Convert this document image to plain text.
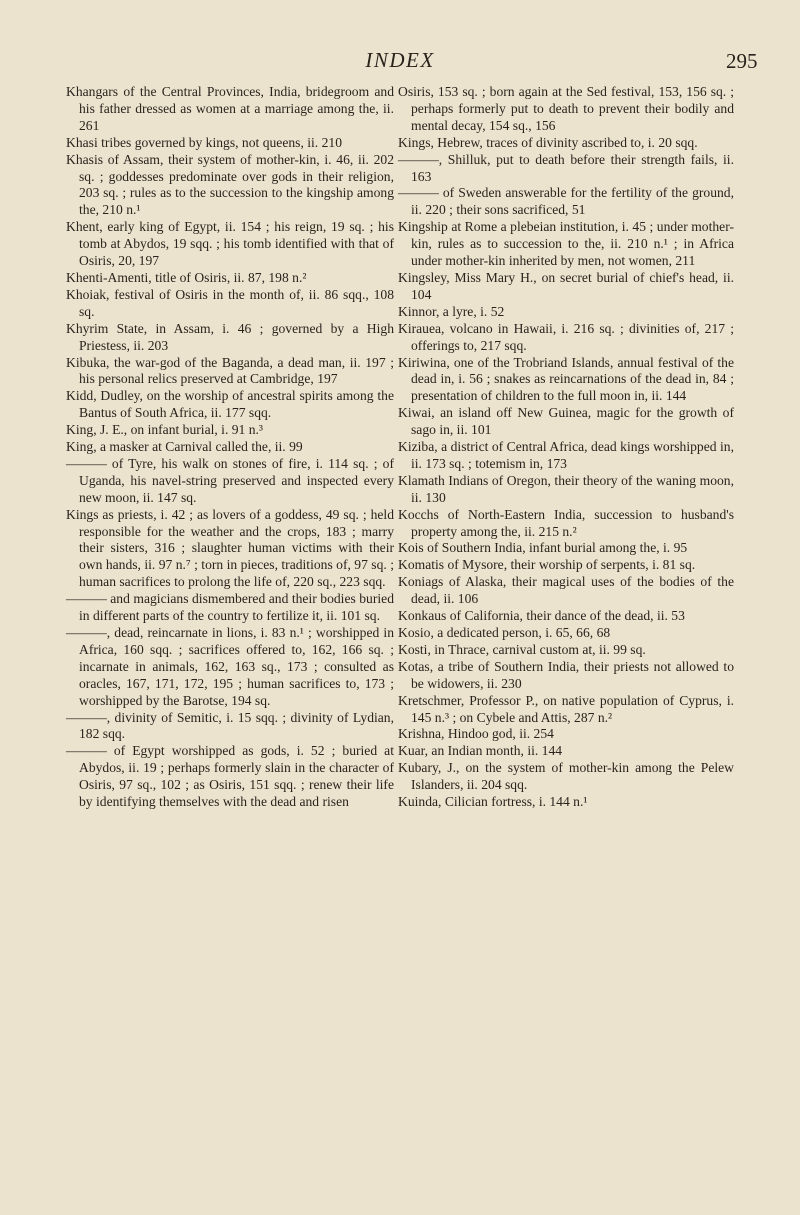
INDEX	295

Khangars of the Central Provinces, India, bridegroom and his father dressed as women at a marriage among the, ii. 261

Khasi tribes governed by kings, not queens, ii. 210

Khasis of Assam, their system of mother-kin, i. 46, ii. 202 sq. ; goddesses predominate over gods in their religion, 203 sq. ; rules as to the succession to the kingship among the, 210 n.¹

Khent, early king of Egypt, ii. 154 ; his reign, 19 sq. ; his tomb at Abydos, 19 sqq. ; his tomb identified with that of Osiris, 20, 197

Khenti-Amenti, title of Osiris, ii. 87, 198 n.²

Khoiak, festival of Osiris in the month of, ii. 86 sqq., 108 sq.

Khyrim State, in Assam, i. 46 ; governed by a High Priestess, ii. 203

Kibuka, the war-god of the Baganda, a dead man, ii. 197 ; his personal relics preserved at Cambridge, 197

Kidd, Dudley, on the worship of ancestral spirits among the Bantus of South Africa, ii. 177 sqq.

King, J. E., on infant burial, i. 91 n.³

King, a masker at Carnival called the, ii. 99

——— of Tyre, his walk on stones of fire, i. 114 sq. ; of Uganda, his navel-string preserved and inspected every new moon, ii. 147 sq.

Kings as priests, i. 42 ; as lovers of a goddess, 49 sq. ; held responsible for the weather and the crops, 183 ; marry their sisters, 316 ; slaughter human victims with their own hands, ii. 97 n.⁷ ; torn in pieces, traditions of, 97 sq. ; human sacrifices to prolong the life of, 220 sq., 223 sqq.

——— and magicians dismembered and their bodies buried in different parts of the country to fertilize it, ii. 101 sq.

———, dead, reincarnate in lions, i. 83 n.¹ ; worshipped in Africa, 160 sqq. ; sacrifices offered to, 162, 166 sq. ; incarnate in animals, 162, 163 sq., 173 ; consulted as oracles, 167, 171, 172, 195 ; human sacrifices to, 173 ; worshipped by the Barotse, 194 sq.

———, divinity of Semitic, i. 15 sqq. ; divinity of Lydian, 182 sqq.

——— of Egypt worshipped as gods, i. 52 ; buried at Abydos, ii. 19 ; perhaps formerly slain in the character of Osiris, 97 sq., 102 ; as Osiris, 151 sqq. ; renew their life by identifying themselves with the dead and risen

Osiris, 153 sq. ; born again at the Sed festival, 153, 156 sq. ; perhaps formerly put to death to prevent their bodily and mental decay, 154 sq., 156

Kings, Hebrew, traces of divinity ascribed to, i. 20 sqq.

———, Shilluk, put to death before their strength fails, ii. 163

——— of Sweden answerable for the fertility of the ground, ii. 220 ; their sons sacrificed, 51

Kingship at Rome a plebeian institution, i. 45 ; under mother-kin, rules as to succession to the, ii. 210 n.¹ ; in Africa under mother-kin inherited by men, not women, 211

Kingsley, Miss Mary H., on secret burial of chief's head, ii. 104

Kinnor, a lyre, i. 52

Kirauea, volcano in Hawaii, i. 216 sq. ; divinities of, 217 ; offerings to, 217 sqq.

Kiriwina, one of the Trobriand Islands, annual festival of the dead in, i. 56 ; snakes as reincarnations of the dead in, 84 ; presentation of children to the full moon in, ii. 144

Kiwai, an island off New Guinea, magic for the growth of sago in, ii. 101

Kiziba, a district of Central Africa, dead kings worshipped in, ii. 173 sq. ; totemism in, 173

Klamath Indians of Oregon, their theory of the waning moon, ii. 130

Kocchs of North-Eastern India, succession to husband's property among the, ii. 215 n.²

Kois of Southern India, infant burial among the, i. 95

Komatis of Mysore, their worship of serpents, i. 81 sq.

Koniags of Alaska, their magical uses of the bodies of the dead, ii. 106

Konkaus of California, their dance of the dead, ii. 53

Kosio, a dedicated person, i. 65, 66, 68

Kosti, in Thrace, carnival custom at, ii. 99 sq.

Kotas, a tribe of Southern India, their priests not allowed to be widowers, ii. 230

Kretschmer, Professor P., on native population of Cyprus, i. 145 n.³ ; on Cybele and Attis, 287 n.²

Krishna, Hindoo god, ii. 254

Kuar, an Indian month, ii. 144

Kubary, J., on the system of mother-kin among the Pelew Islanders, ii. 204 sqq.

Kuinda, Cilician fortress, i. 144 n.¹
